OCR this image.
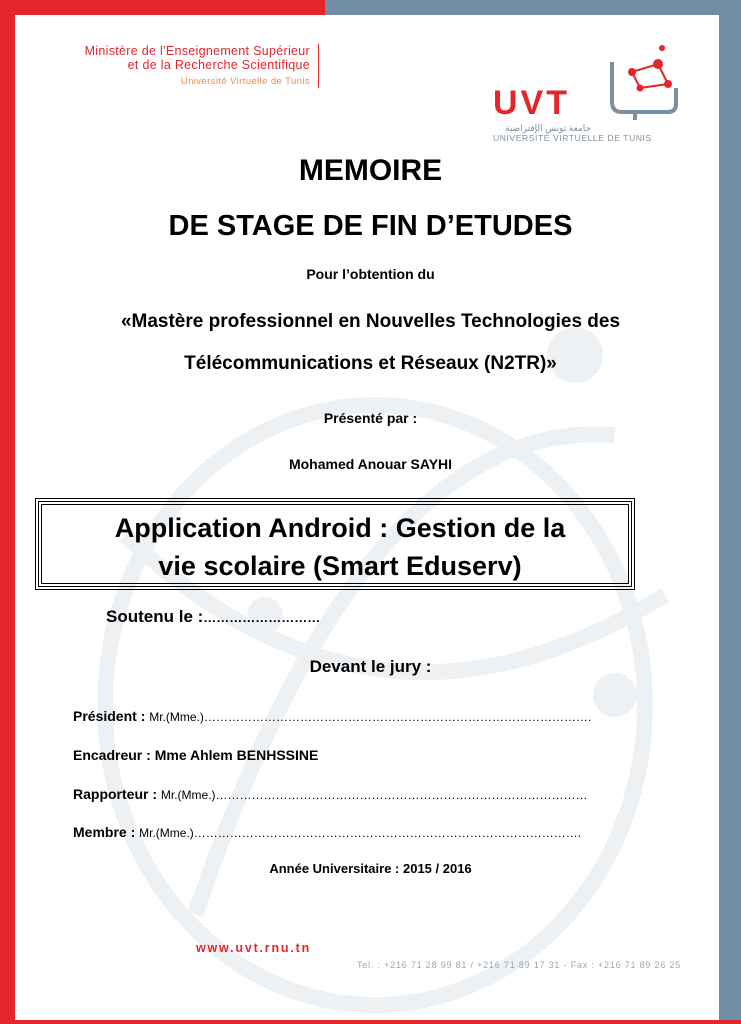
Ministère de l'Enseignement Supérieur
et de la Recherche Scientifique
Université Virtuelle de Tunis
UVT
جامعة تونس الإفتراضية
UNIVERSITÉ VIRTUELLE DE TUNIS
MEMOIRE
DE STAGE DE FIN D’ETUDES
Pour l’obtention du
«Mastère professionnel en Nouvelles Technologies des
Télécommunications et Réseaux (N2TR)»
Présenté par :
Mohamed Anouar SAYHI
Application Android : Gestion de la
vie scolaire (Smart Eduserv)
Soutenu le :………………………
Devant le jury :
Président : Mr.(Mme.)…………………………………………………………………………………….
Encadreur : Mme Ahlem BENHSSINE
Rapporteur : Mr.(Mme.)…………………………………………………………………………………
Membre : Mr.(Mme.)…………………………………………………………………………………….
Année Universitaire : 2015 / 2016
www.uvt.rnu.tn
Tel. : +216 71 28 99 81 / +216 71 89 17 31 - Fax : +216 71 89 26 25
